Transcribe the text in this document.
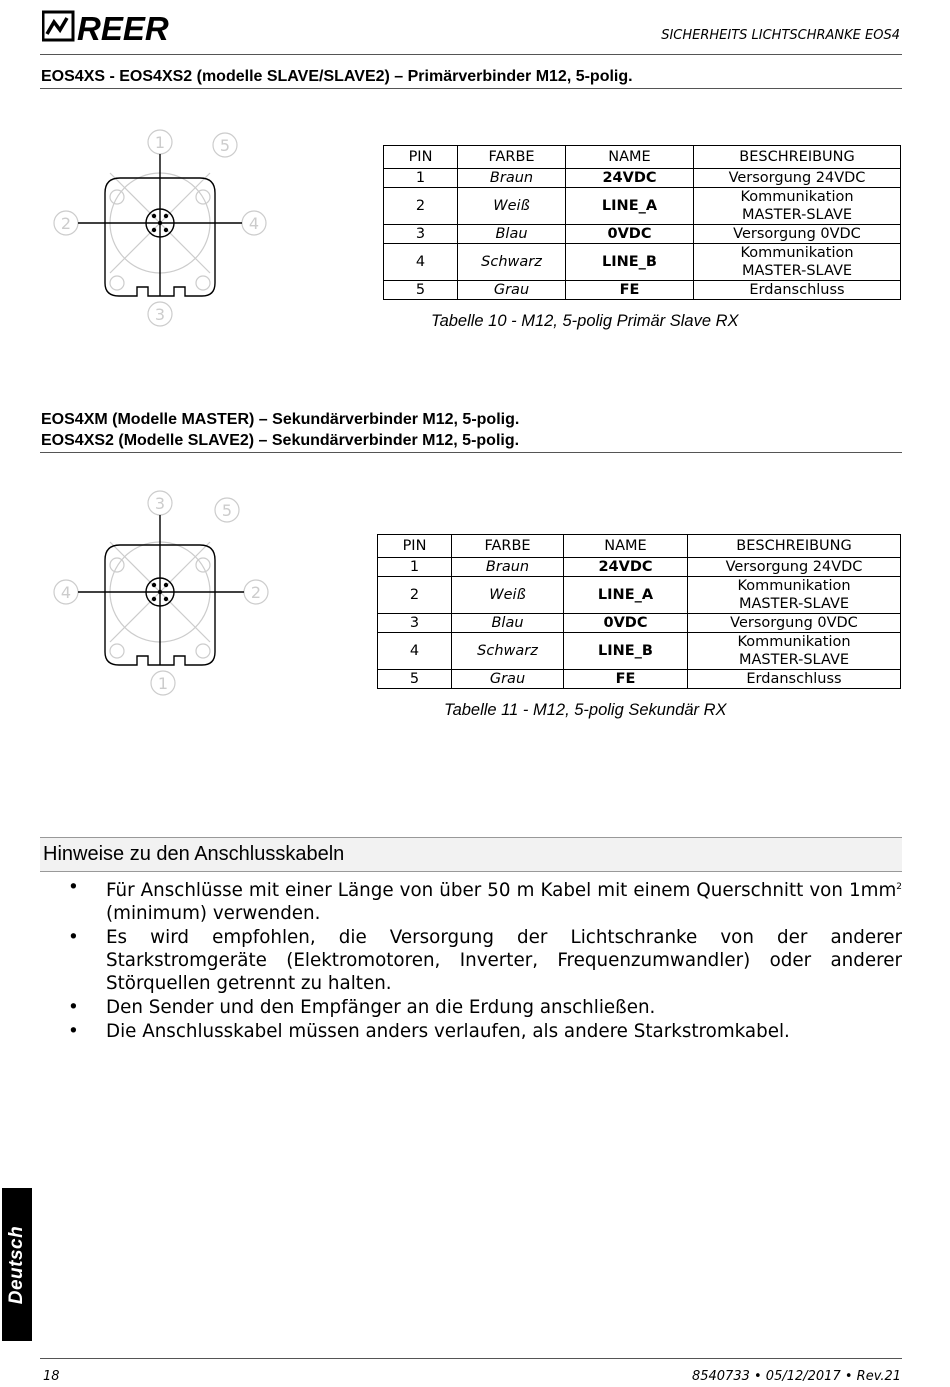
REER	SICHERHEITS LICHTSCHRANKE EOS4
EOS4XS - EOS4XS2 (modelle SLAVE/SLAVE2) – Primärverbinder M12, 5-polig.
1	5
2	4
3
PIN	FARBE	NAME	BESCHREIBUNG
1	Braun	24VDC	Versorgung 24VDC
2	Weiß	LINE_A	Kommunikation
MASTER-SLAVE
3	Blau	0VDC	Versorgung 0VDC
4	Schwarz	LINE_B	Kommunikation
MASTER-SLAVE
5	Grau	FE	Erdanschluss
Tabelle 10 - M12, 5-polig Primär Slave RX
EOS4XM (Modelle MASTER) – Sekundärverbinder M12, 5-polig.
EOS4XS2 (Modelle SLAVE2) – Sekundärverbinder M12, 5-polig.
3	5
4	2
1
PIN	FARBE	NAME	BESCHREIBUNG
1	Braun	24VDC	Versorgung 24VDC
2	Weiß	LINE_A	Kommunikation
MASTER-SLAVE
3	Blau	0VDC	Versorgung 0VDC
4	Schwarz	LINE_B	Kommunikation
MASTER-SLAVE
5	Grau	FE	Erdanschluss
Tabelle 11 - M12, 5-polig Sekundär RX
Hinweise zu den Anschlusskabeln
• Für Anschlüsse mit einer Länge von über 50 m Kabel mit einem Querschnitt von $1mm^2$ (minimum) verwenden.
• Es wird empfohlen, die Versorgung der Lichtschranke von der anderer Starkstromgeräte (Elektromotoren, Inverter, Frequenzumwandler) oder anderer Störquellen getrennt zu halten.
• Den Sender und den Empfänger an die Erdung anschließen.
• Die Anschlusskabel müssen anders verlaufen, als andere Starkstromkabel.
Deutsch
18	8540733 • 05/12/2017 • Rev.21
